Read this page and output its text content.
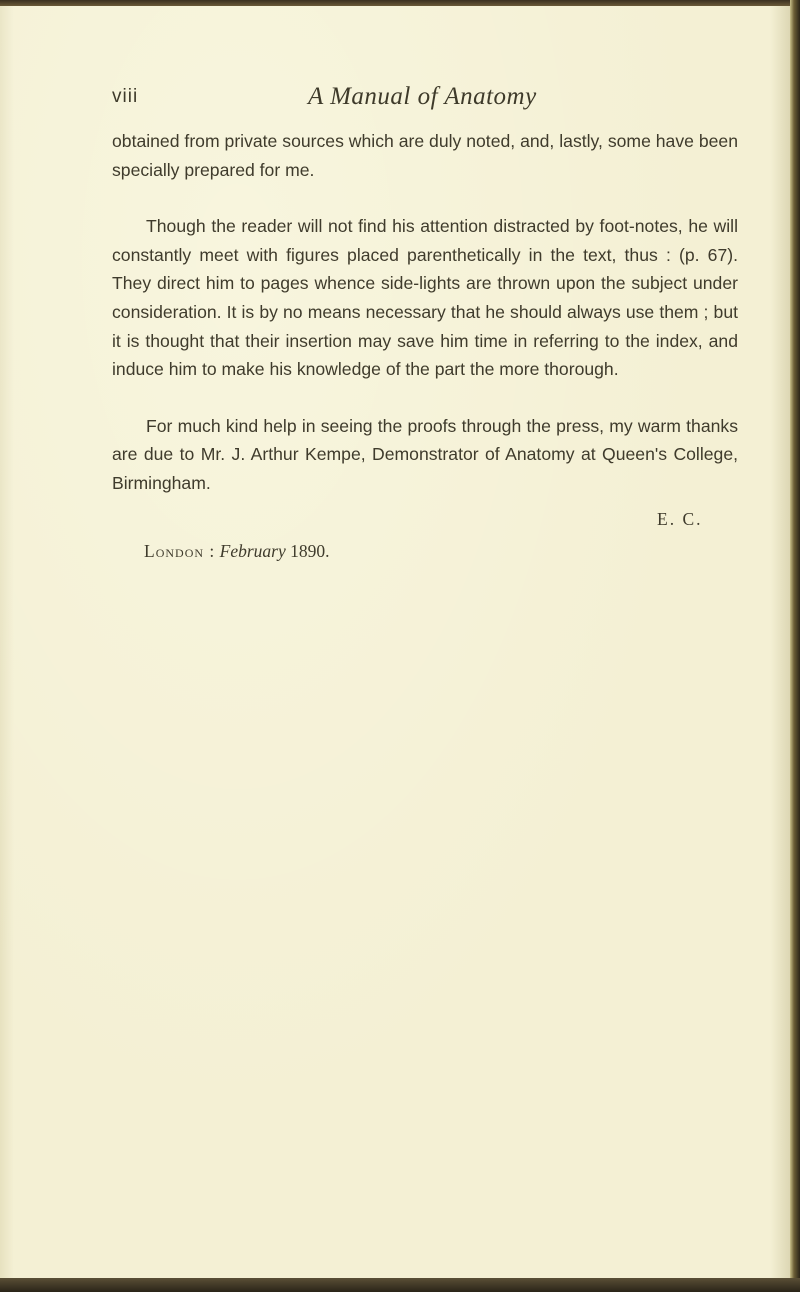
viii	A Manual of Anatomy

obtained from private sources which are duly noted, and, lastly, some have been specially prepared for me.

Though the reader will not find his attention distracted by foot-notes, he will constantly meet with figures placed parenthetically in the text, thus : (p. 67). They direct him to pages whence side-lights are thrown upon the subject under consideration. It is by no means necessary that he should always use them ; but it is thought that their insertion may save him time in referring to the index, and induce him to make his knowledge of the part the more thorough.

For much kind help in seeing the proofs through the press, my warm thanks are due to Mr. J. Arthur Kempe, Demonstrator of Anatomy at Queen's College, Birmingham.

E. C.
London : February 1890.
